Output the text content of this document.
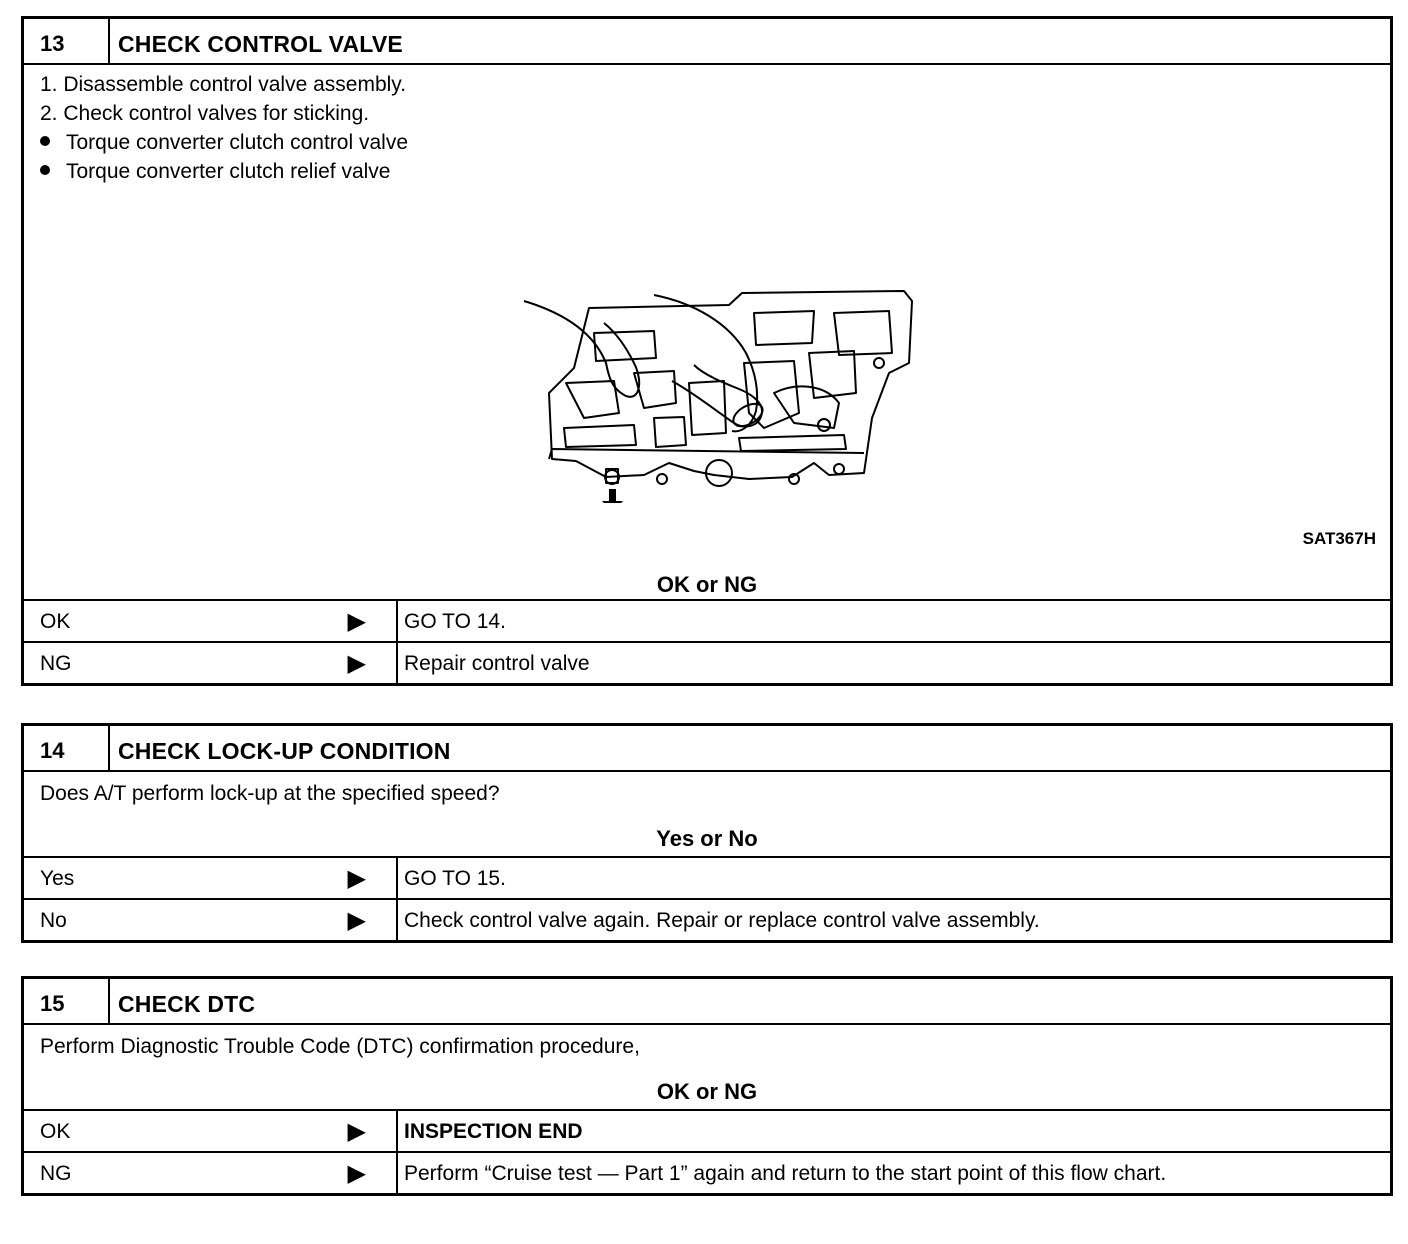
13	CHECK CONTROL VALVE
1. Disassemble control valve assembly.
2. Check control valves for sticking.
Torque converter clutch control valve
Torque converter clutch relief valve
SAT367H
OK or NG
OK	▶ GO TO 14.
NG	▶ Repair control valve
14	CHECK LOCK-UP CONDITION
Does A/T perform lock-up at the specified speed?
Yes or No
Yes	▶ GO TO 15.
No	▶ Check control valve again. Repair or replace control valve assembly.
15	CHECK DTC
Perform Diagnostic Trouble Code (DTC) confirmation procedure,
OK or NG
OK	▶ INSPECTION END
NG	▶ Perform “Cruise test — Part 1” again and return to the start point of this flow chart.
